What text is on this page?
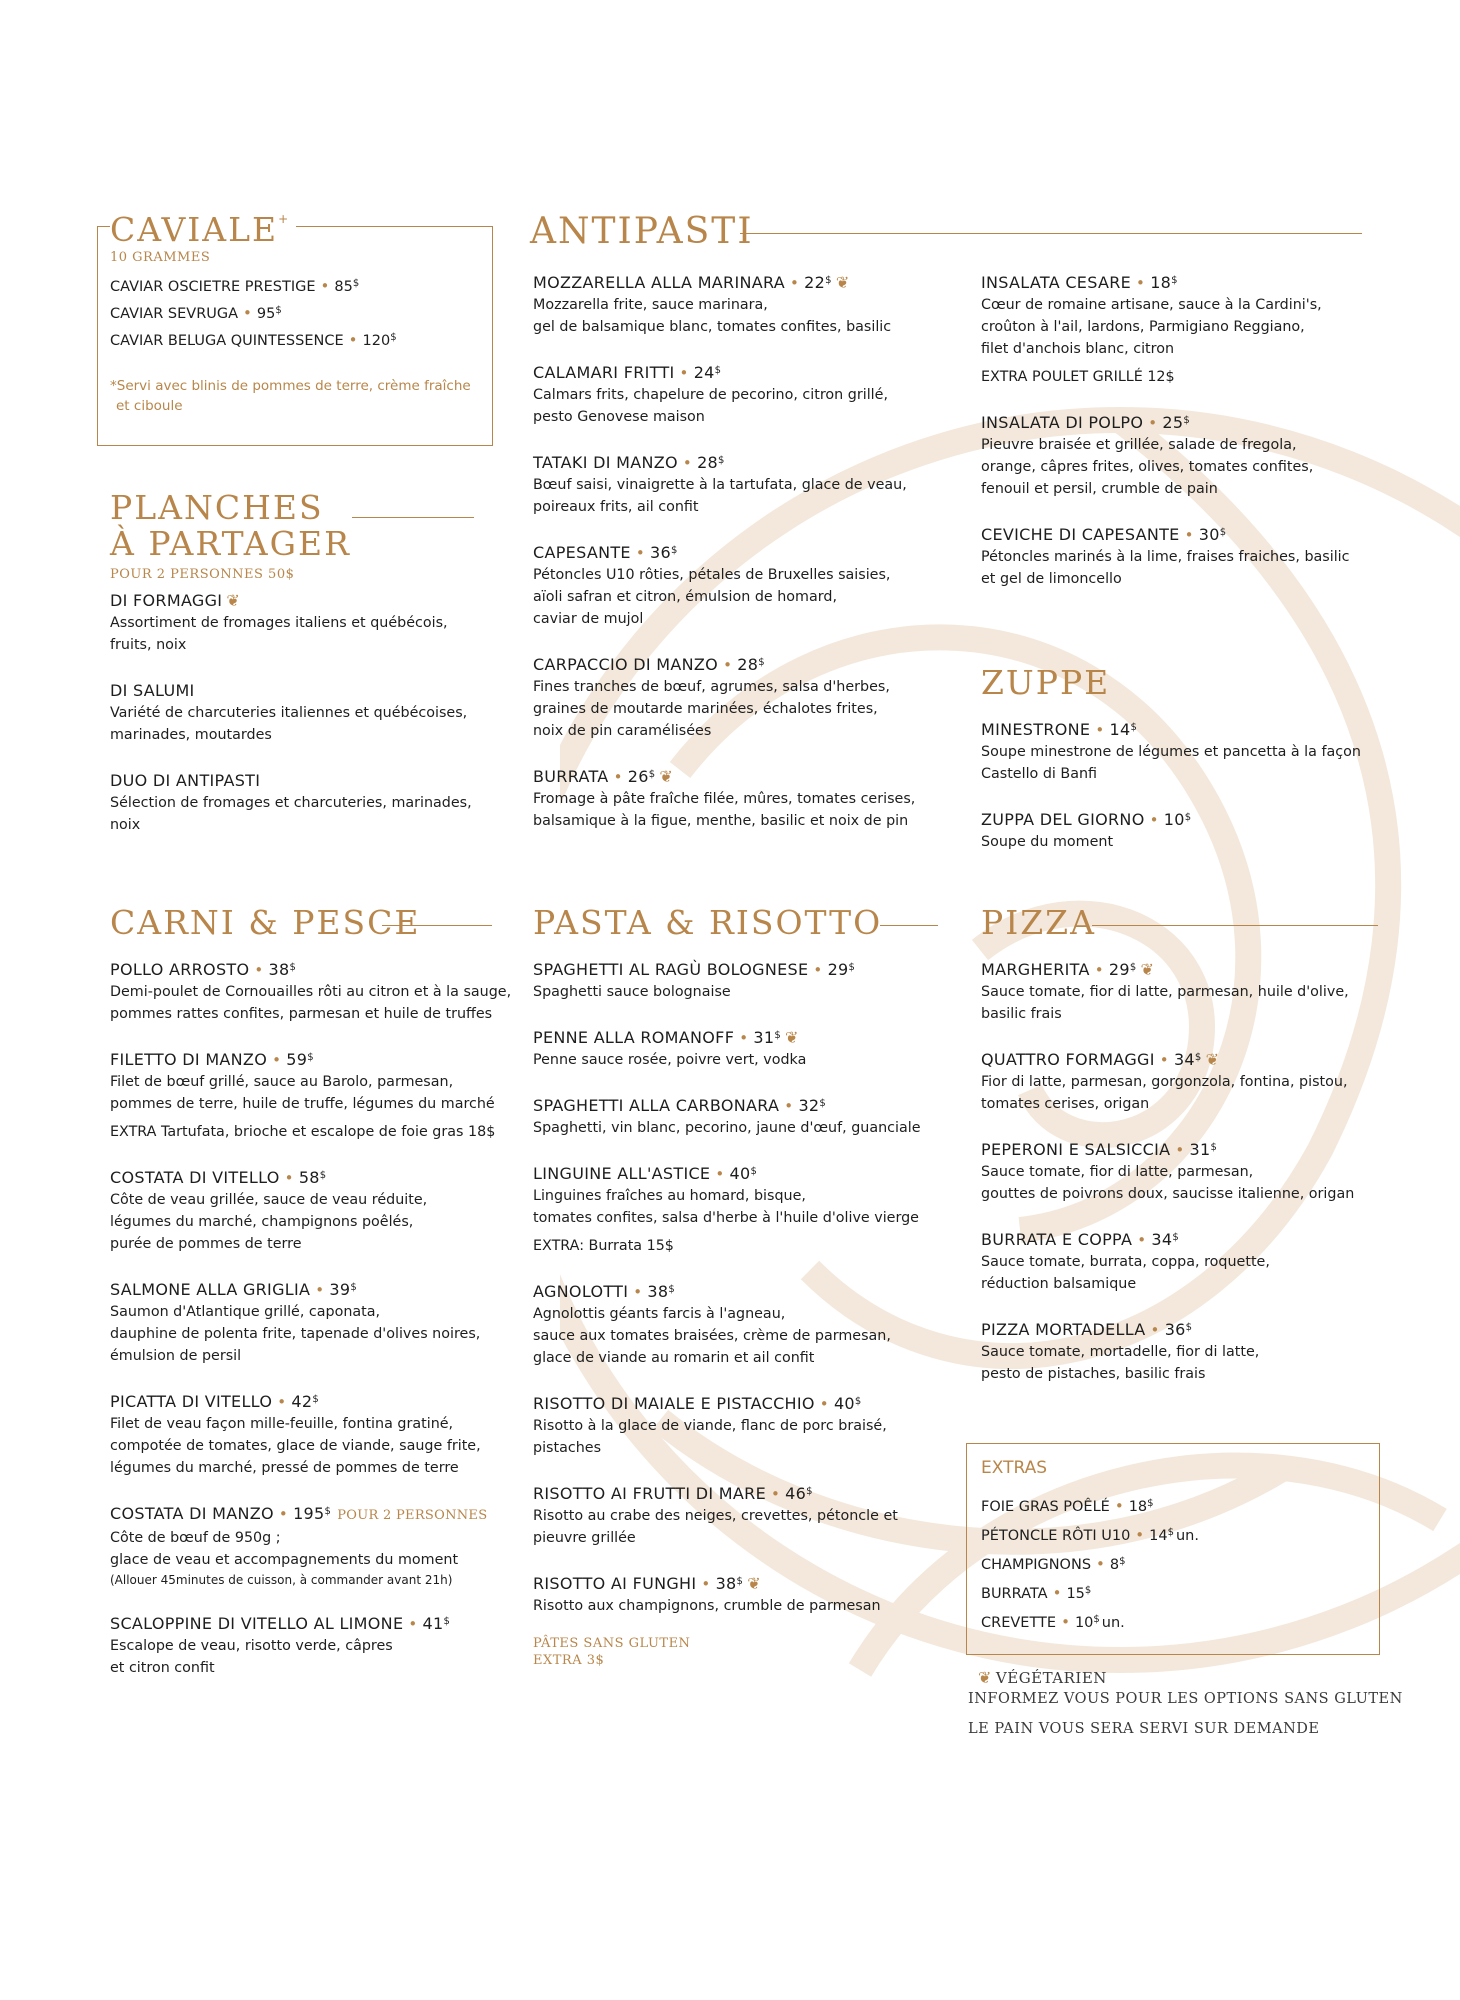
CAVIALE+
10 GRAMMES
CAVIAR OSCIETRE PRESTIGE • 85$
CAVIAR SEVRUGA • 95$
CAVIAR BELUGA QUINTESSENCE • 120$
*Servi avec blinis de pommes de terre, crème fraîche
et ciboule
PLANCHES
À PARTAGER
POUR 2 PERSONNES 50$
DI FORMAGGI ❦
Assortiment de fromages italiens et québécois,
fruits, noix
DI SALUMI
Variété de charcuteries italiennes et québécoises,
marinades, moutardes
DUO DI ANTIPASTI
Sélection de fromages et charcuteries, marinades,
noix
ANTIPASTI
MOZZARELLA ALLA MARINARA • 22$ ❦
Mozzarella frite, sauce marinara,
gel de balsamique blanc, tomates confites, basilic
CALAMARI FRITTI • 24$
Calmars frits, chapelure de pecorino, citron grillé,
pesto Genovese maison
TATAKI DI MANZO • 28$
Bœuf saisi, vinaigrette à la tartufata, glace de veau,
poireaux frits, ail confit
CAPESANTE • 36$
Pétoncles U10 rôties, pétales de Bruxelles saisies,
aïoli safran et citron, émulsion de homard,
caviar de mujol
CARPACCIO DI MANZO • 28$
Fines tranches de bœuf, agrumes, salsa d'herbes,
graines de moutarde marinées, échalotes frites,
noix de pin caramélisées
BURRATA • 26$ ❦
Fromage à pâte fraîche filée, mûres, tomates cerises,
balsamique à la figue, menthe, basilic et noix de pin
INSALATA CESARE • 18$
Cœur de romaine artisane, sauce à la Cardini's,
croûton à l'ail, lardons, Parmigiano Reggiano,
filet d'anchois blanc, citron
EXTRA POULET GRILLÉ 12$
INSALATA DI POLPO • 25$
Pieuvre braisée et grillée, salade de fregola,
orange, câpres frites, olives, tomates confites,
fenouil et persil, crumble de pain
CEVICHE DI CAPESANTE • 30$
Pétoncles marinés à la lime, fraises fraiches, basilic
et gel de limoncello
ZUPPE
MINESTRONE • 14$
Soupe minestrone de légumes et pancetta à la façon
Castello di Banfi
ZUPPA DEL GIORNO • 10$
Soupe du moment
CARNI & PESCE
POLLO ARROSTO • 38$
Demi-poulet de Cornouailles rôti au citron et à la sauge,
pommes rattes confites, parmesan et huile de truffes
FILETTO DI MANZO • 59$
Filet de bœuf grillé, sauce au Barolo, parmesan,
pommes de terre, huile de truffe, légumes du marché
EXTRA Tartufata, brioche et escalope de foie gras 18$
COSTATA DI VITELLO • 58$
Côte de veau grillée, sauce de veau réduite,
légumes du marché, champignons poêlés,
purée de pommes de terre
SALMONE ALLA GRIGLIA • 39$
Saumon d'Atlantique grillé, caponata,
dauphine de polenta frite, tapenade d'olives noires,
émulsion de persil
PICATTA DI VITELLO • 42$
Filet de veau façon mille-feuille, fontina gratiné,
compotée de tomates, glace de viande, sauge frite,
légumes du marché, pressé de pommes de terre
COSTATA DI MANZO • 195$ POUR 2 PERSONNES
Côte de bœuf de 950g ;
glace de veau et accompagnements du moment
(Allouer 45minutes de cuisson, à commander avant 21h)
SCALOPPINE DI VITELLO AL LIMONE • 41$
Escalope de veau, risotto verde, câpres
et citron confit
PASTA & RISOTTO
SPAGHETTI AL RAGÙ BOLOGNESE • 29$
Spaghetti sauce bolognaise
PENNE ALLA ROMANOFF • 31$ ❦
Penne sauce rosée, poivre vert, vodka
SPAGHETTI ALLA CARBONARA • 32$
Spaghetti, vin blanc, pecorino, jaune d'œuf, guanciale
LINGUINE ALL'ASTICE • 40$
Linguines fraîches au homard, bisque,
tomates confites, salsa d'herbe à l'huile d'olive vierge
EXTRA: Burrata 15$
AGNOLOTTI • 38$
Agnolottis géants farcis à l'agneau,
sauce aux tomates braisées, crème de parmesan,
glace de viande au romarin et ail confit
RISOTTO DI MAIALE E PISTACCHIO • 40$
Risotto à la glace de viande, flanc de porc braisé,
pistaches
RISOTTO AI FRUTTI DI MARE • 46$
Risotto au crabe des neiges, crevettes, pétoncle et
pieuvre grillée
RISOTTO AI FUNGHI • 38$ ❦
Risotto aux champignons, crumble de parmesan
PÂTES SANS GLUTEN
EXTRA 3$
PIZZA
MARGHERITA • 29$ ❦
Sauce tomate, fior di latte, parmesan, huile d'olive,
basilic frais
QUATTRO FORMAGGI • 34$ ❦
Fior di latte, parmesan, gorgonzola, fontina, pistou,
tomates cerises, origan
PEPERONI E SALSICCIA • 31$
Sauce tomate, fior di latte, parmesan,
gouttes de poivrons doux, saucisse italienne, origan
BURRATA E COPPA • 34$
Sauce tomate, burrata, coppa, roquette,
réduction balsamique
PIZZA MORTADELLA • 36$
Sauce tomate, mortadelle, fior di latte,
pesto de pistaches, basilic frais
EXTRAS
FOIE GRAS POÊLÉ • 18$
PÉTONCLE RÔTI U10 • 14$ un.
CHAMPIGNONS • 8$
BURRATA • 15$
CREVETTE • 10$ un.
❦ VÉGÉTARIEN
INFORMEZ VOUS POUR LES OPTIONS SANS GLUTEN
LE PAIN VOUS SERA SERVI SUR DEMANDE
